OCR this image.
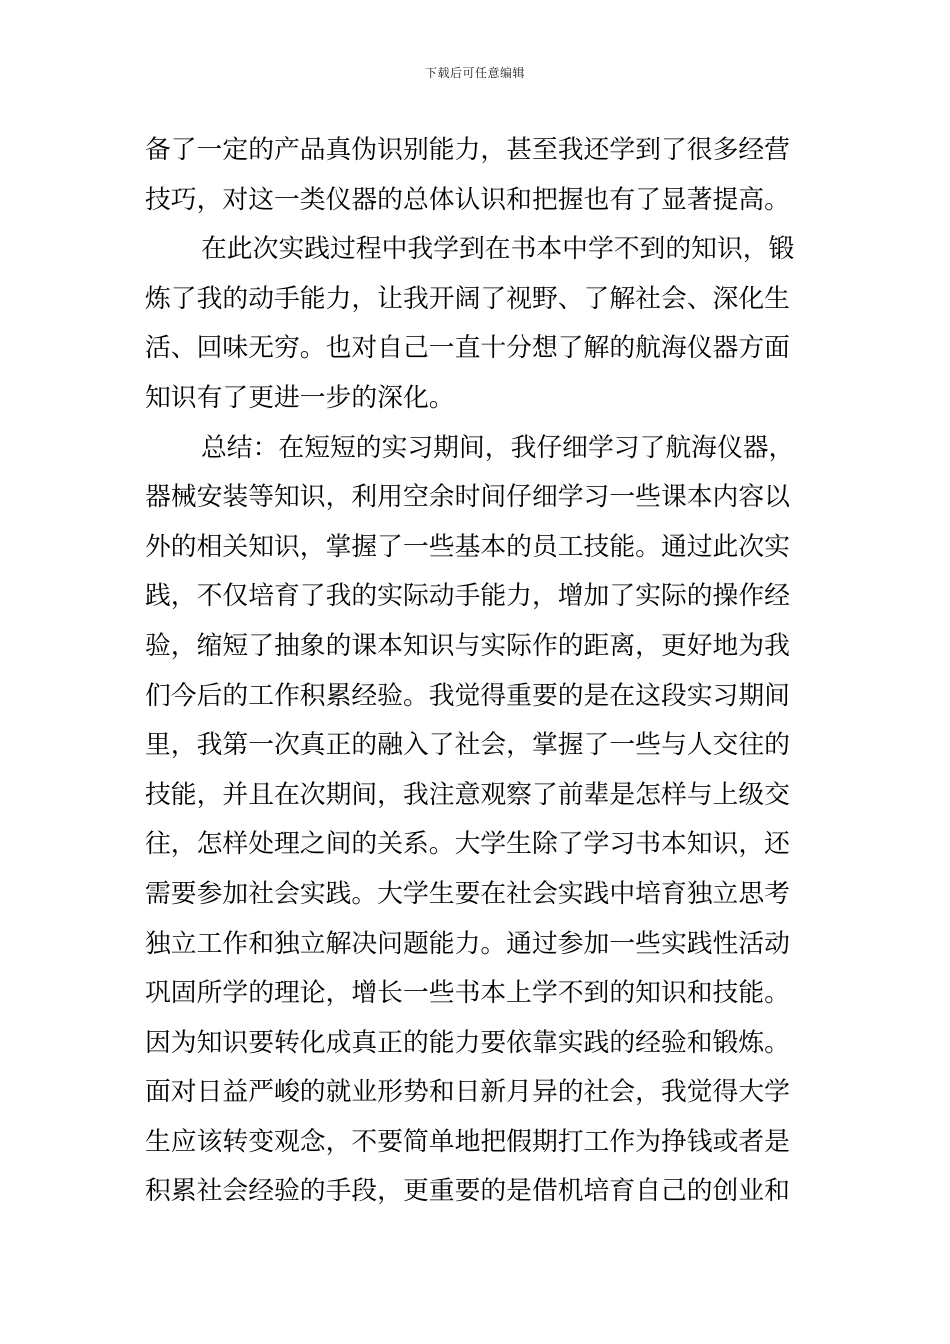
下载后可任意编辑
备了一定的产品真伪识别能力，甚至我还学到了很多经营
技巧，对这一类仪器的总体认识和把握也有了显著提高。
在此次实践过程中我学到在书本中学不到的知识，锻
炼了我的动手能力，让我开阔了视野、了解社会、深化生
活、回味无穷。也对自己一直十分想了解的航海仪器方面
知识有了更进一步的深化。
总结：在短短的实习期间，我仔细学习了航海仪器，
器械安装等知识，利用空余时间仔细学习一些课本内容以
外的相关知识，掌握了一些基本的员工技能。通过此次实
践，不仅培育了我的实际动手能力，增加了实际的操作经
验，缩短了抽象的课本知识与实际作的距离，更好地为我
们今后的工作积累经验。我觉得重要的是在这段实习期间
里，我第一次真正的融入了社会，掌握了一些与人交往的
技能，并且在次期间，我注意观察了前辈是怎样与上级交
往，怎样处理之间的关系。大学生除了学习书本知识，还
需要参加社会实践。大学生要在社会实践中培育独立思考
独立工作和独立解决问题能力。通过参加一些实践性活动
巩固所学的理论，增长一些书本上学不到的知识和技能。
因为知识要转化成真正的能力要依靠实践的经验和锻炼。
面对日益严峻的就业形势和日新月异的社会，我觉得大学
生应该转变观念，不要简单地把假期打工作为挣钱或者是
积累社会经验的手段，更重要的是借机培育自己的创业和
